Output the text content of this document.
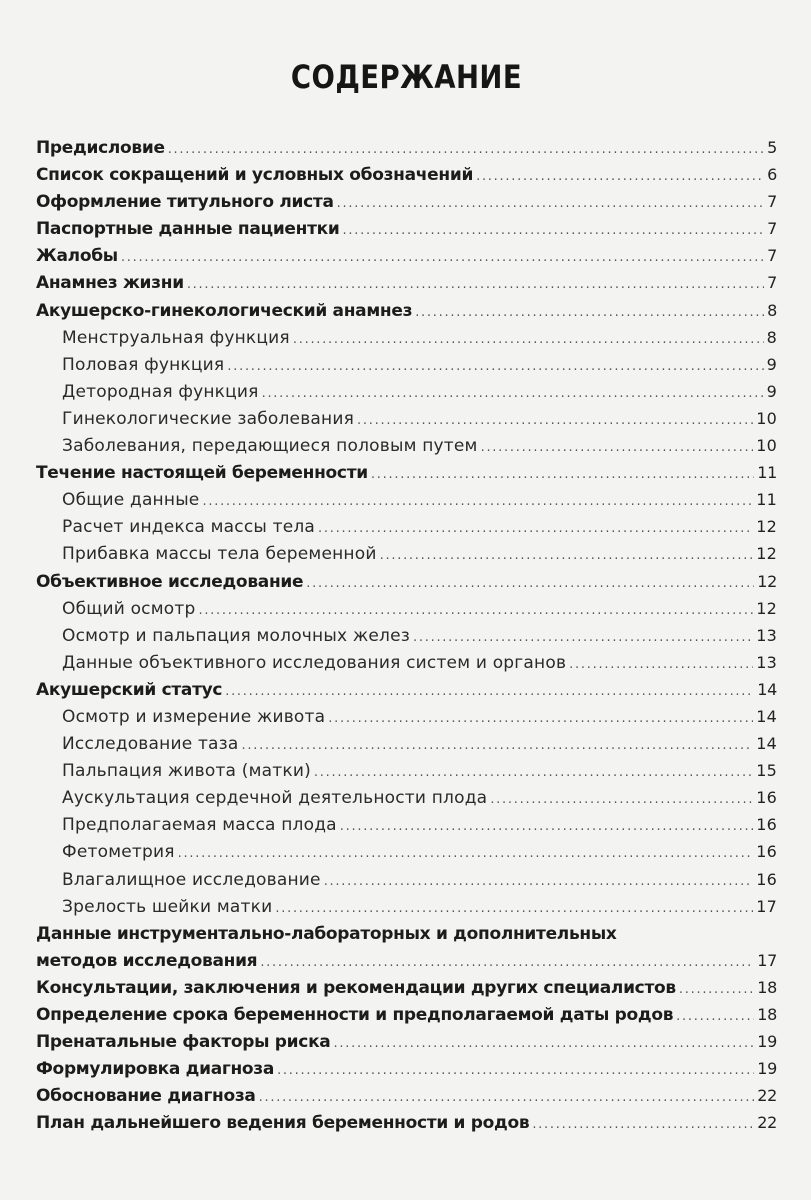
СОДЕРЖАНИЕ
Предисловие . . .	5
Список сокращений и условных обозначений . . .	6
Оформление титульного листа . . .	7
Паспортные данные пациентки . . .	7
Жалобы . . .	7
Анамнез жизни . . .	7
Акушерско-гинекологический анамнез . . .	8
Менструальная функция . . .	8
Половая функция . . .	9
Детородная функция . . .	9
Гинекологические заболевания . . .	10
Заболевания, передающиеся половым путем . . .	10
Течение настоящей беременности . . .	11
Общие данные . . .	11
Расчет индекса массы тела . . .	12
Прибавка массы тела беременной . . .	12
Объективное исследование . . .	12
Общий осмотр . . .	12
Осмотр и пальпация молочных желез . . .	13
Данные объективного исследования систем и органов . . .	13
Акушерский статус . . .	14
Осмотр и измерение живота . . .	14
Исследование таза . . .	14
Пальпация живота (матки) . . .	15
Аускультация сердечной деятельности плода . . .	16
Предполагаемая масса плода . . .	16
Фетометрия . . .	16
Влагалищное исследование . . .	16
Зрелость шейки матки . . .	17
Данные инструментально-лабораторных и дополнительных
методов исследования . . .	17
Консультации, заключения и рекомендации других специалистов . . .	18
Определение срока беременности и предполагаемой даты родов . . .	18
Пренатальные факторы риска . . .	19
Формулировка диагноза . . .	19
Обоснование диагноза . . .	22
План дальнейшего ведения беременности и родов . . .	22
